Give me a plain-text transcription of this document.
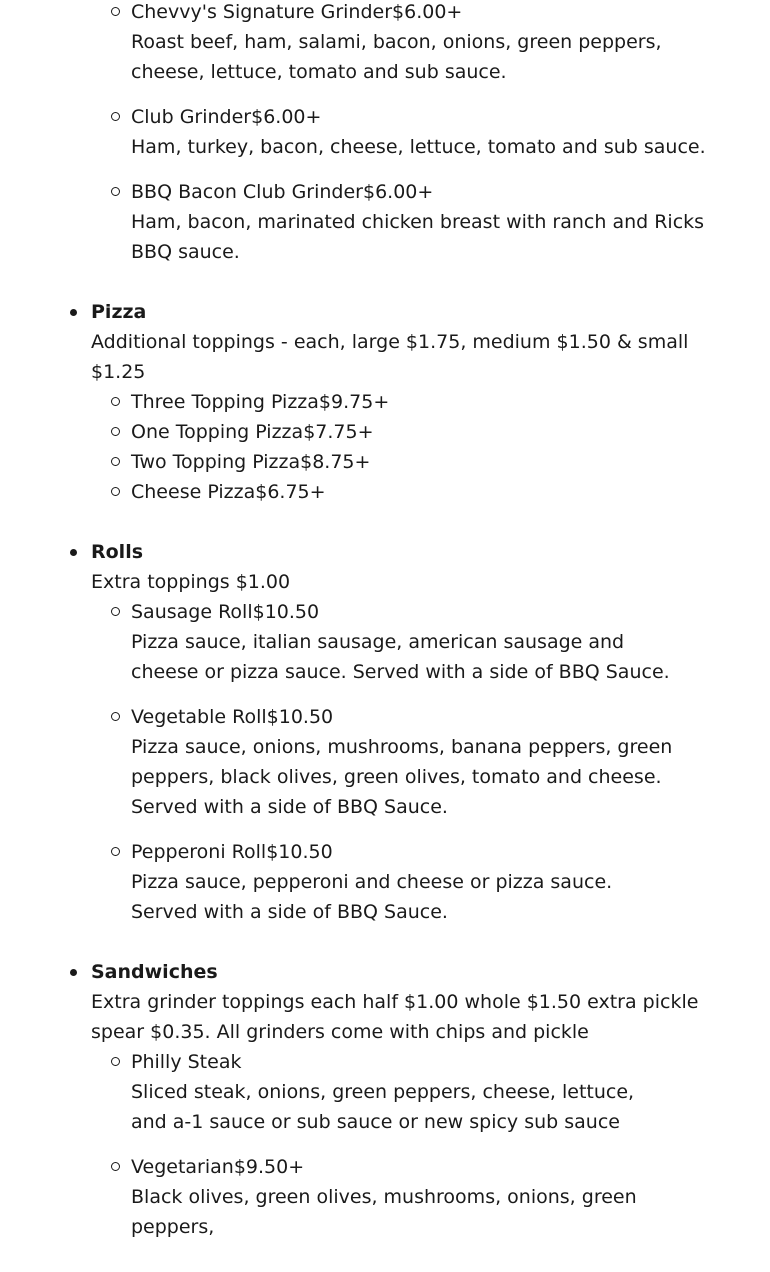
Chevvy's Signature Grinder$6.00+
Roast beef, ham, salami, bacon, onions, green peppers, cheese, lettuce, tomato and sub sauce.
Club Grinder$6.00+
Ham, turkey, bacon, cheese, lettuce, tomato and sub sauce.
BBQ Bacon Club Grinder$6.00+
Ham, bacon, marinated chicken breast with ranch and Ricks BBQ sauce.
Pizza
Additional toppings - each, large $1.75, medium $1.50 & small $1.25
Three Topping Pizza$9.75+
One Topping Pizza$7.75+
Two Topping Pizza$8.75+
Cheese Pizza$6.75+
Rolls
Extra toppings $1.00
Sausage Roll$10.50
Pizza sauce, italian sausage, american sausage and cheese or pizza sauce. Served with a side of BBQ Sauce.
Vegetable Roll$10.50
Pizza sauce, onions, mushrooms, banana peppers, green peppers, black olives, green olives, tomato and cheese. Served with a side of BBQ Sauce.
Pepperoni Roll$10.50
Pizza sauce, pepperoni and cheese or pizza sauce. Served with a side of BBQ Sauce.
Sandwiches
Extra grinder toppings each half $1.00 whole $1.50 extra pickle spear $0.35. All grinders come with chips and pickle
Philly Steak
Sliced steak, onions, green peppers, cheese, lettuce, and a-1 sauce or sub sauce or new spicy sub sauce
Vegetarian$9.50+
Black olives, green olives, mushrooms, onions, green peppers,
